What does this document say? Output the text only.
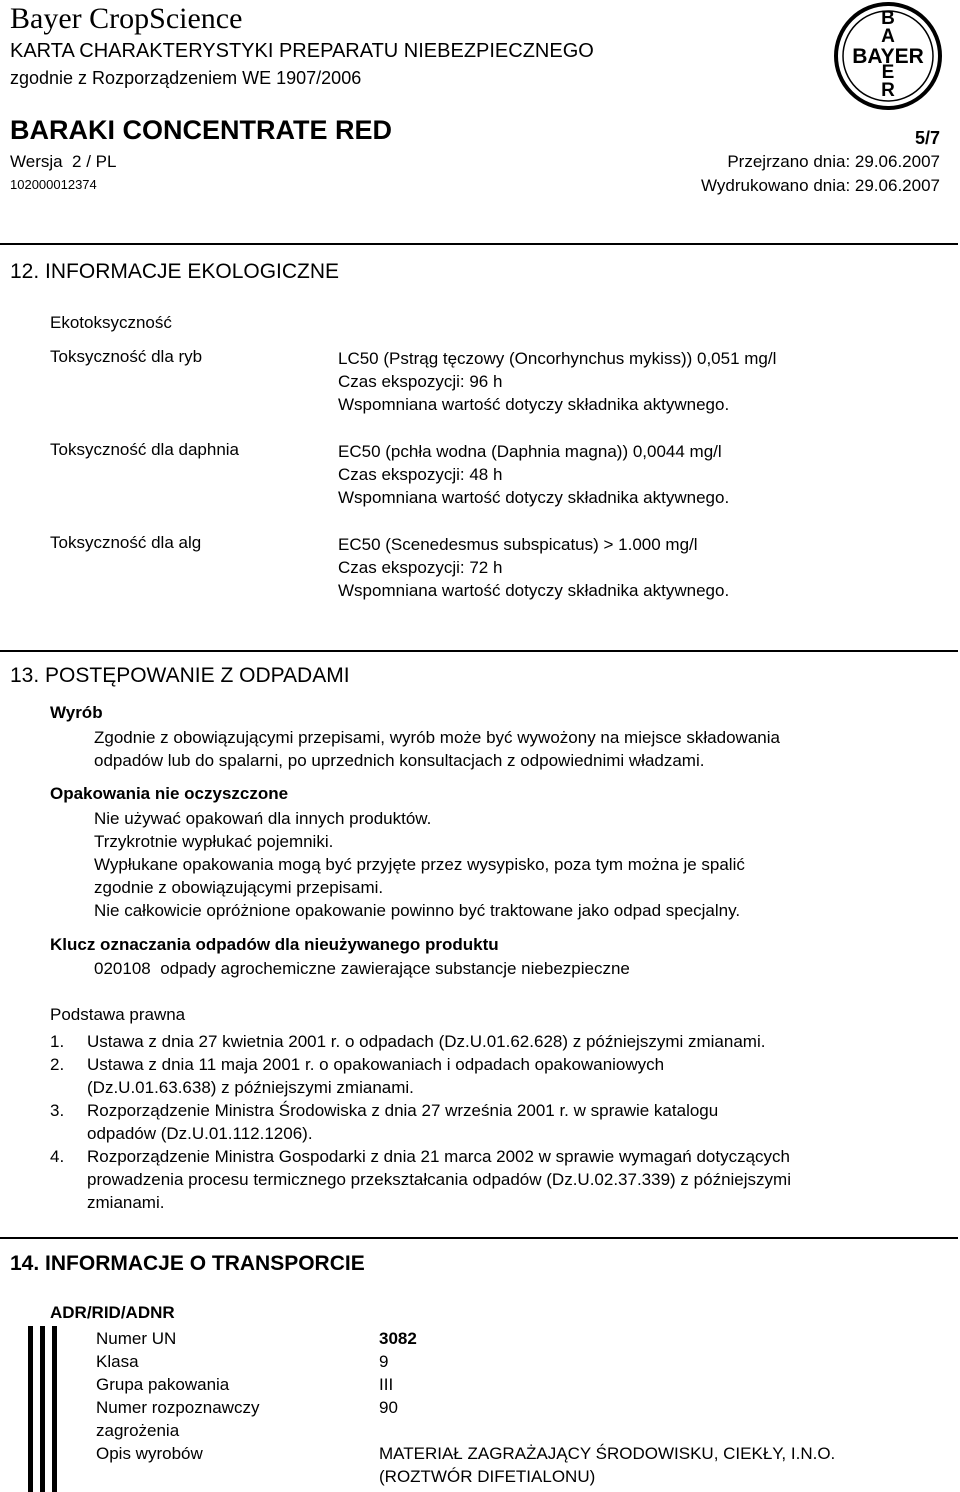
Bayer CropScience
KARTA CHARAKTERYSTYKI PREPARATU NIEBEZPIECZNEGO
zgodnie z Rozporządzeniem WE 1907/2006
B
A
E
R
BAYER
BARAKI CONCENTRATE RED	5/7
Wersja 2 / PL
102000012374
Przejrzano dnia: 29.06.2007
Wydrukowano dnia: 29.06.2007
12. INFORMACJE EKOLOGICZNE
Ekotoksyczność
Toksyczność dla ryb	LC50 (Pstrąg tęczowy (Oncorhynchus mykiss)) 0,051 mg/l
Czas ekspozycji: 96 h
Wspomniana wartość dotyczy składnika aktywnego.
Toksyczność dla daphnia	EC50 (pchła wodna (Daphnia magna)) 0,0044 mg/l
Czas ekspozycji: 48 h
Wspomniana wartość dotyczy składnika aktywnego.
Toksyczność dla alg	EC50 (Scenedesmus subspicatus) > 1.000 mg/l
Czas ekspozycji: 72 h
Wspomniana wartość dotyczy składnika aktywnego.
13. POSTĘPOWANIE Z ODPADAMI
Wyrób
Zgodnie z obowiązującymi przepisami, wyrób może być wywożony na miejsce składowania
odpadów lub do spalarni, po uprzednich konsultacjach z odpowiednimi władzami.
Opakowania nie oczyszczone
Nie używać opakowań dla innych produktów.
Trzykrotnie wypłukać pojemniki.
Wypłukane opakowania mogą być przyjęte przez wysypisko, poza tym można je spalić
zgodnie z obowiązującymi przepisami.
Nie całkowicie opróżnione opakowanie powinno być traktowane jako odpad specjalny.
Klucz oznaczania odpadów dla nieużywanego produktu
020108 odpady agrochemiczne zawierające substancje niebezpieczne
Podstawa prawna
1. Ustawa z dnia 27 kwietnia 2001 r. o odpadach (Dz.U.01.62.628) z późniejszymi zmianami.
2. Ustawa z dnia 11 maja 2001 r. o opakowaniach i odpadach opakowaniowych
(Dz.U.01.63.638) z późniejszymi zmianami.
3. Rozporządzenie Ministra Środowiska z dnia 27 września 2001 r. w sprawie katalogu
odpadów (Dz.U.01.112.1206).
4. Rozporządzenie Ministra Gospodarki z dnia 21 marca 2002 w sprawie wymagań dotyczących
prowadzenia procesu termicznego przekształcania odpadów (Dz.U.02.37.339) z późniejszymi
zmianami.
14. INFORMACJE O TRANSPORCIE
ADR/RID/ADNR
Numer UN	3082
Klasa	9
Grupa pakowania	III
Numer rozpoznawczy	90
zagrożenia
Opis wyrobów	MATERIAŁ ZAGRAŻAJĄCY ŚRODOWISKU, CIEKŁY, I.N.O.
(ROZTWÓR DIFETIALONU)
